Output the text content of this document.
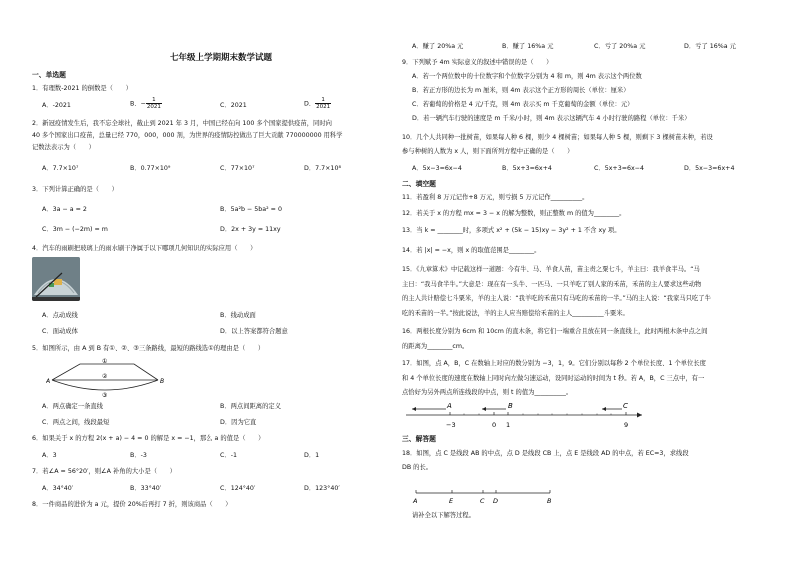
七年级上学期期末数学试题
一、单选题
1．有理数-2021 的倒数是（　　）
A．-2021	B．− $\frac{1}{2021}$	C．2021	D． $\frac{1}{2021}$
2．新冠疫情发生后，我不忘全球社，截止到 2021 年 3 月，中国已经在向 100 多个国家提供疫苗，同时向
40 多个国家出口疫苗，总量已经 770，000，000 剂，为世界的疫情防控做出了巨大贡献 770000000 用科学
记数法表示为（　　）
A．7.7×10⁷	B．0.77×10⁹	C．77×10⁷	D．7.7×10⁸
3．下列计算正确的是（　　）
A．3a − a = 2	B．5a²b − 5ba² = 0
C．3m − (−2m) = m	D．2x + 3y = 11xy
4．汽车的雨刷把玻璃上的雨水刷干净属于以下哪项几何知识的实际应用（　　）
A．点动成线	B．线动成面
C．面动成体	D．以上答案都符合题意
5．如图所示，由 A 到 B 有①、②、③三条路线，最短的路线选①的理由是（　　）
A	B
①
②
③
A．两点确定一条直线	B．两点间距离的定义
C．两点之间，线段最短	D．因为它直
6．如果关于 x 的方程 2(x + a) − 4 = 0 的解是 x = −1，那么 a 的值是（　　）
A．3	B．-3	C．-1	D．1
7．若∠A = 56°20′，则∠A 补角的大小是（　　）
A．34°40′	B．33°40′	C．124°40′	D．123°40′
8．一件商品的进价为 a 元，提价 20%后再打 7 折，则该商品（　　）
A．赚了 20%a 元	B．赚了 16%a 元	C．亏了 20%a 元	D．亏了 16%a 元
9．下列赋予 4m 实际意义的叙述中错误的是（　　）
A．若一个两位数中的十位数字和个位数字分别为 4 和 m，则 4m 表示这个两位数
B．若正方形的边长为 m 厘米，则 4m 表示这个正方形的周长（单位：厘米）
C．若葡萄的价格是 4 元/千克，则 4m 表示买 m 千克葡萄的金额（单位：元）
D．若一辆汽车行驶的速度是 m 千米/小时，则 4m 表示这辆汽车 4 小时行驶的路程（单位：千米）
10．几个人共同种一批树苗，如果每人种 6 棵，则少 4 棵树苗；如果每人种 5 棵，则剩下 3 棵树苗未种，若设
参与种树的人数为 x 人，则下面所列方程中正确的是（　　）
A．5x−3=6x−4	B．5x+3=6x+4	C．5x+3=6x−4	D．5x−3=6x+4
二、填空题
11．若盈利 8 万元记作+8 万元，则亏损 5 万元记作__________。
12．若关于 x 的方程 mx = 3 − x 的解为整数，则正整数 m 的值为________。
13．当 k = ________时，多项式 x² + (5k − 15)xy − 3y² + 1 不含 xy 项。
14．若 |x| = −x，则 x 的取值范围是________。
15．《九章算术》中记载这样一道题：今有牛、马、羊食人苗，苗主责之粟七斗，羊主曰：我羊食半马。“马
主曰：“我马食半牛。”大意是：现在有一头牛、一匹马、一只羊吃了别人家的禾苗，禾苗的主人要求这些动物
的主人共计赔偿七斗粟米，羊的主人说：“我羊吃的禾苗只有马吃的禾苗的一半。”马的主人说：“我家马只吃了牛
吃的禾苗的一半。”按此说法，羊的主人应当赔偿给禾苗的主人__________斗粟米。
16．两根长度分别为 6cm 和 10cm 的直木条，将它们一端重合且放在同一条直线上，此时两根木条中点之间
的距离为________cm。
17．如图，点 A，B，C 在数轴上对应的数分别为 −3，1，9。它们分别以每秒 2 个单位长度、1 个单位长度
和 4 个单位长度的速度在数轴上同时向左做匀速运动，设同时运动的时间为 t 秒。若 A，B，C 三点中，有一
点恰好为另外两点所连线段的中点，则 t 的值为__________。
A	B	C
−3	0 1	9
三、解答题
18．如图，点 C 是线段 AB 的中点，点 D 是线段 CB 上，点 E 是线段 AD 的中点，若 EC=3，求线段
DB 的长。
A	E	C D	B
请补全以下解答过程。
